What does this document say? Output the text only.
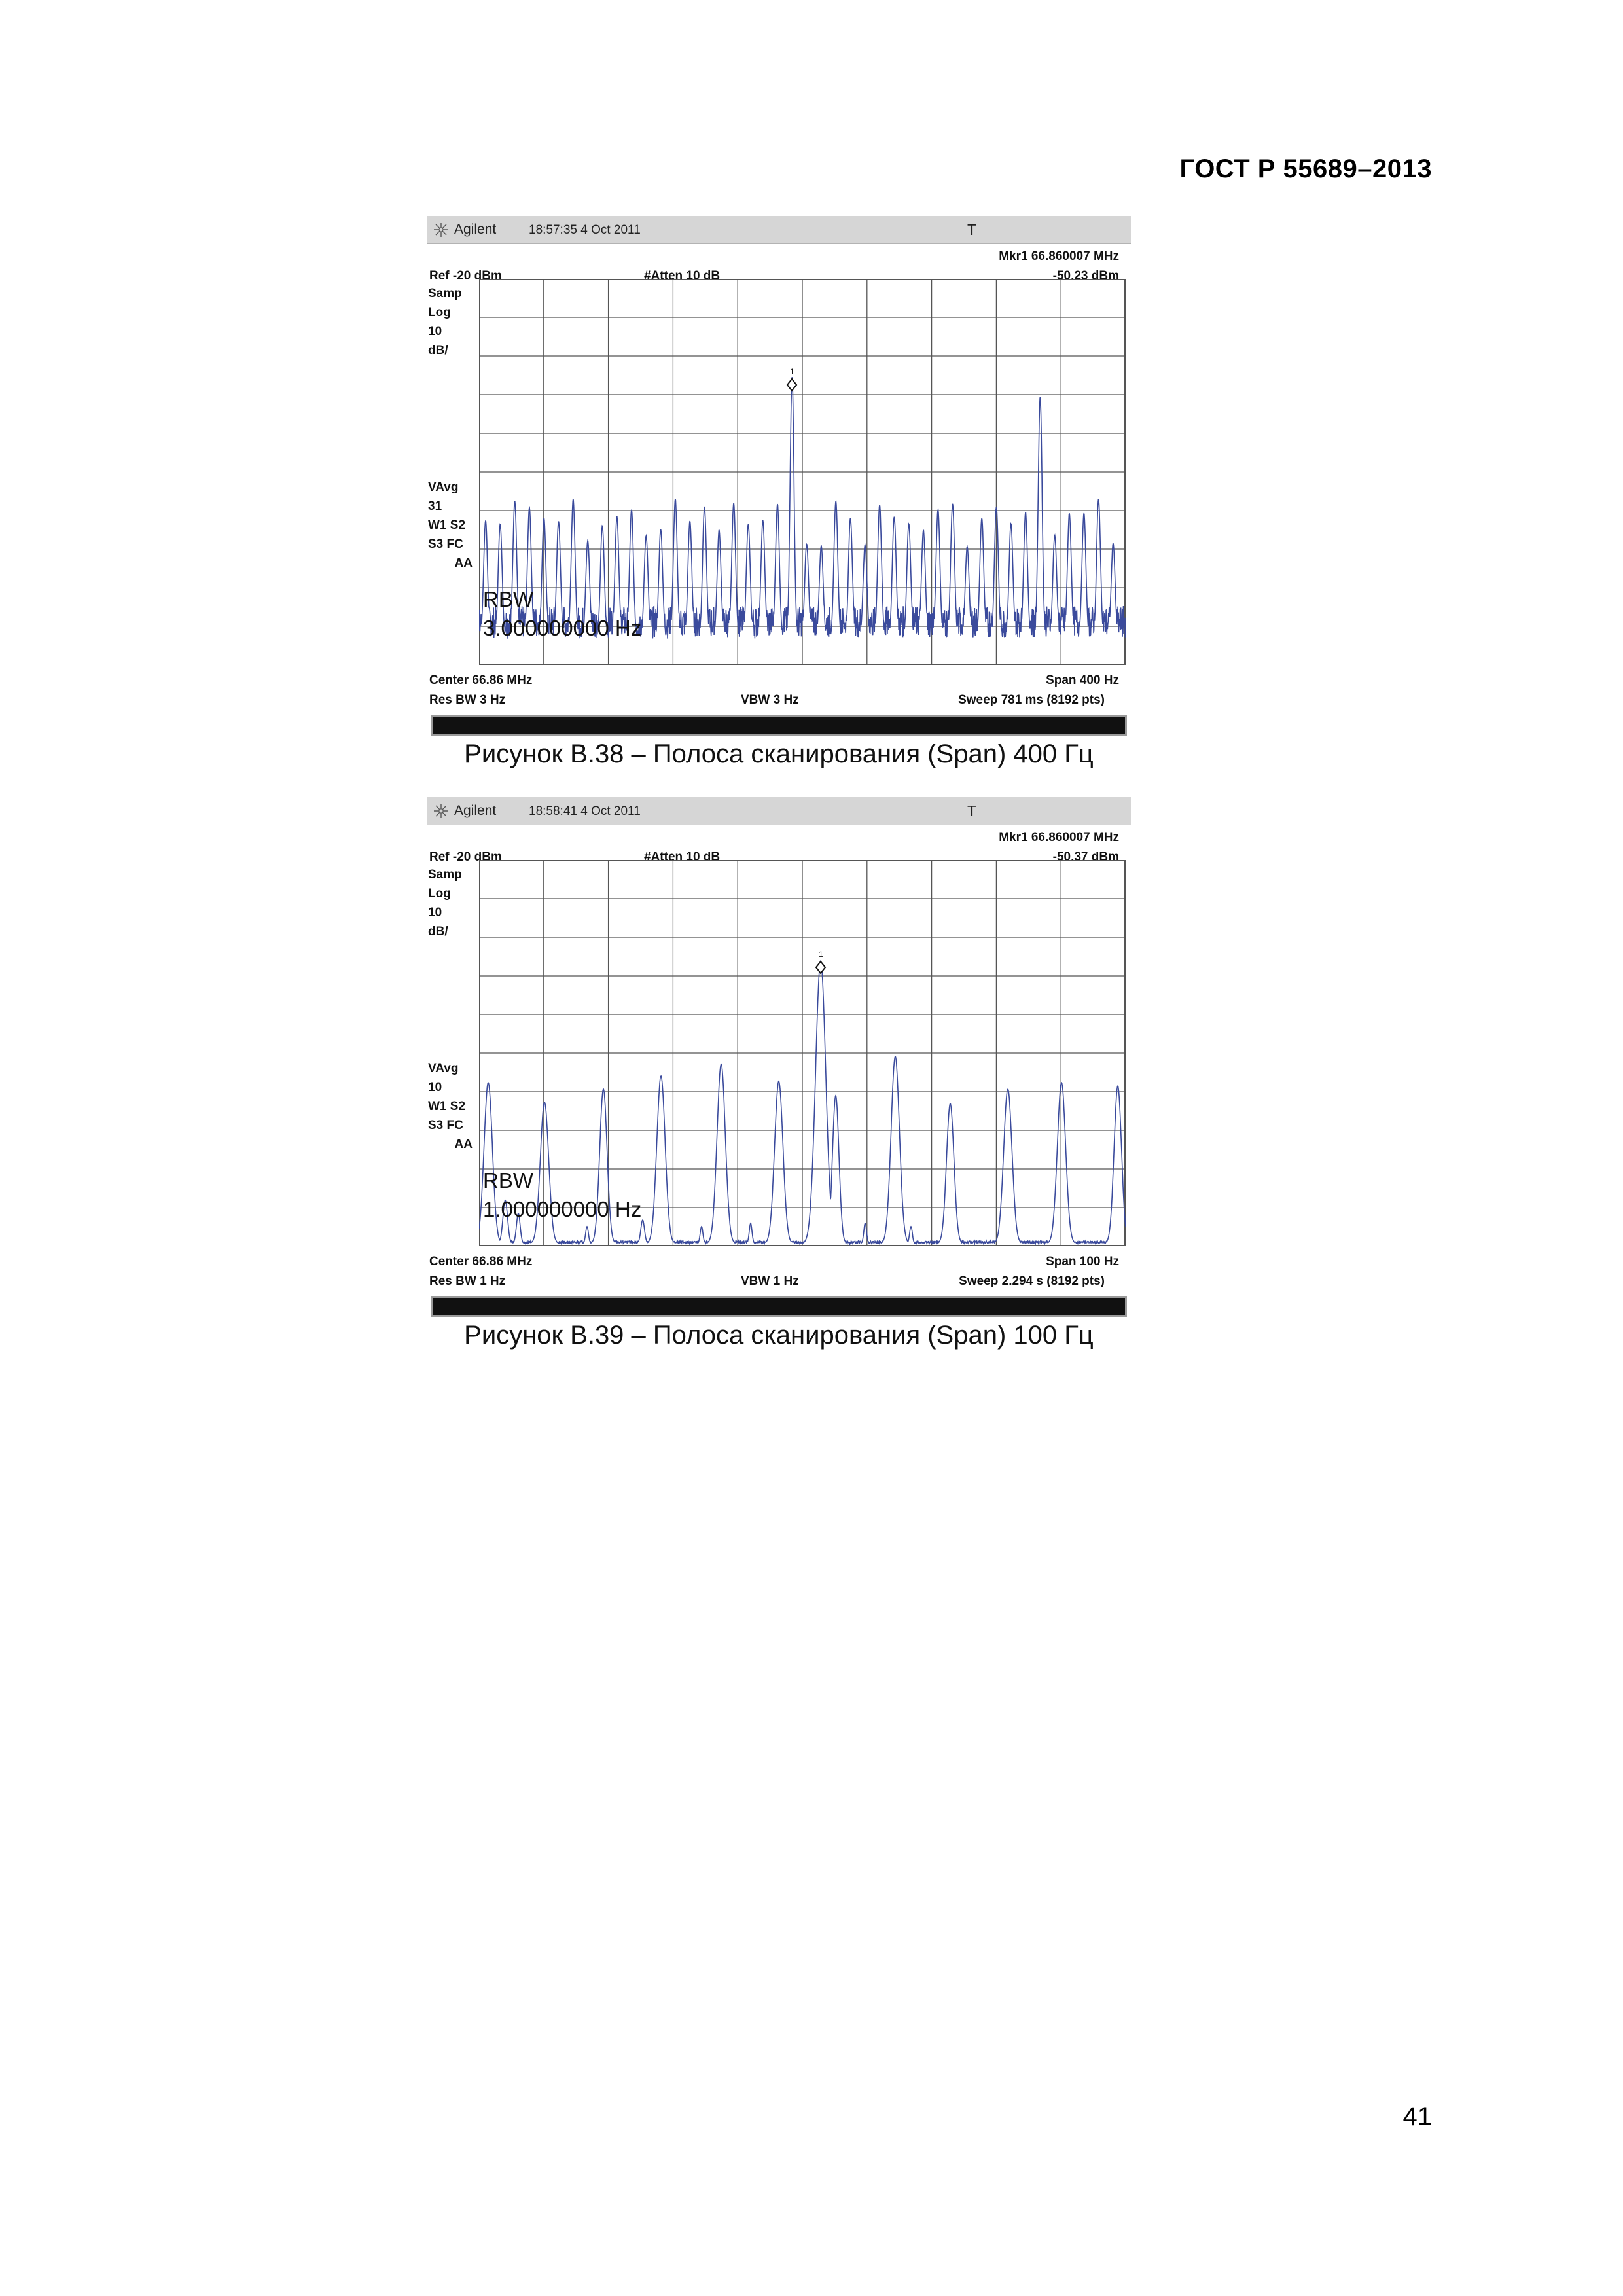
ГОСТ Р 55689–2013
Agilent	18:57:35 4 Oct 2011	T
Mkr1 66.860007 MHz
Ref -20 dBm	#Atten 10 dB	-50.23 dBm
Samp
Log
10
dB/
VAvg
31
W1 S2
S3 FC
AA
1
RBW
3.000000000 Hz
Center 66.86 MHz	Span 400 Hz
Res BW 3 Hz	VBW 3 Hz	Sweep 781 ms (8192 pts)
Рисунок В.38 – Полоса сканирования (Span) 400 Гц
Agilent	18:58:41 4 Oct 2011	T
Mkr1 66.860007 MHz
Ref -20 dBm	#Atten 10 dB	-50.37 dBm
Samp
Log
10
dB/
VAvg
10
W1 S2
S3 FC
AA
1
RBW
1.000000000 Hz
Center 66.86 MHz	Span 100 Hz
Res BW 1 Hz	VBW 1 Hz	Sweep 2.294 s (8192 pts)
Рисунок В.39 – Полоса сканирования (Span) 100 Гц
41
